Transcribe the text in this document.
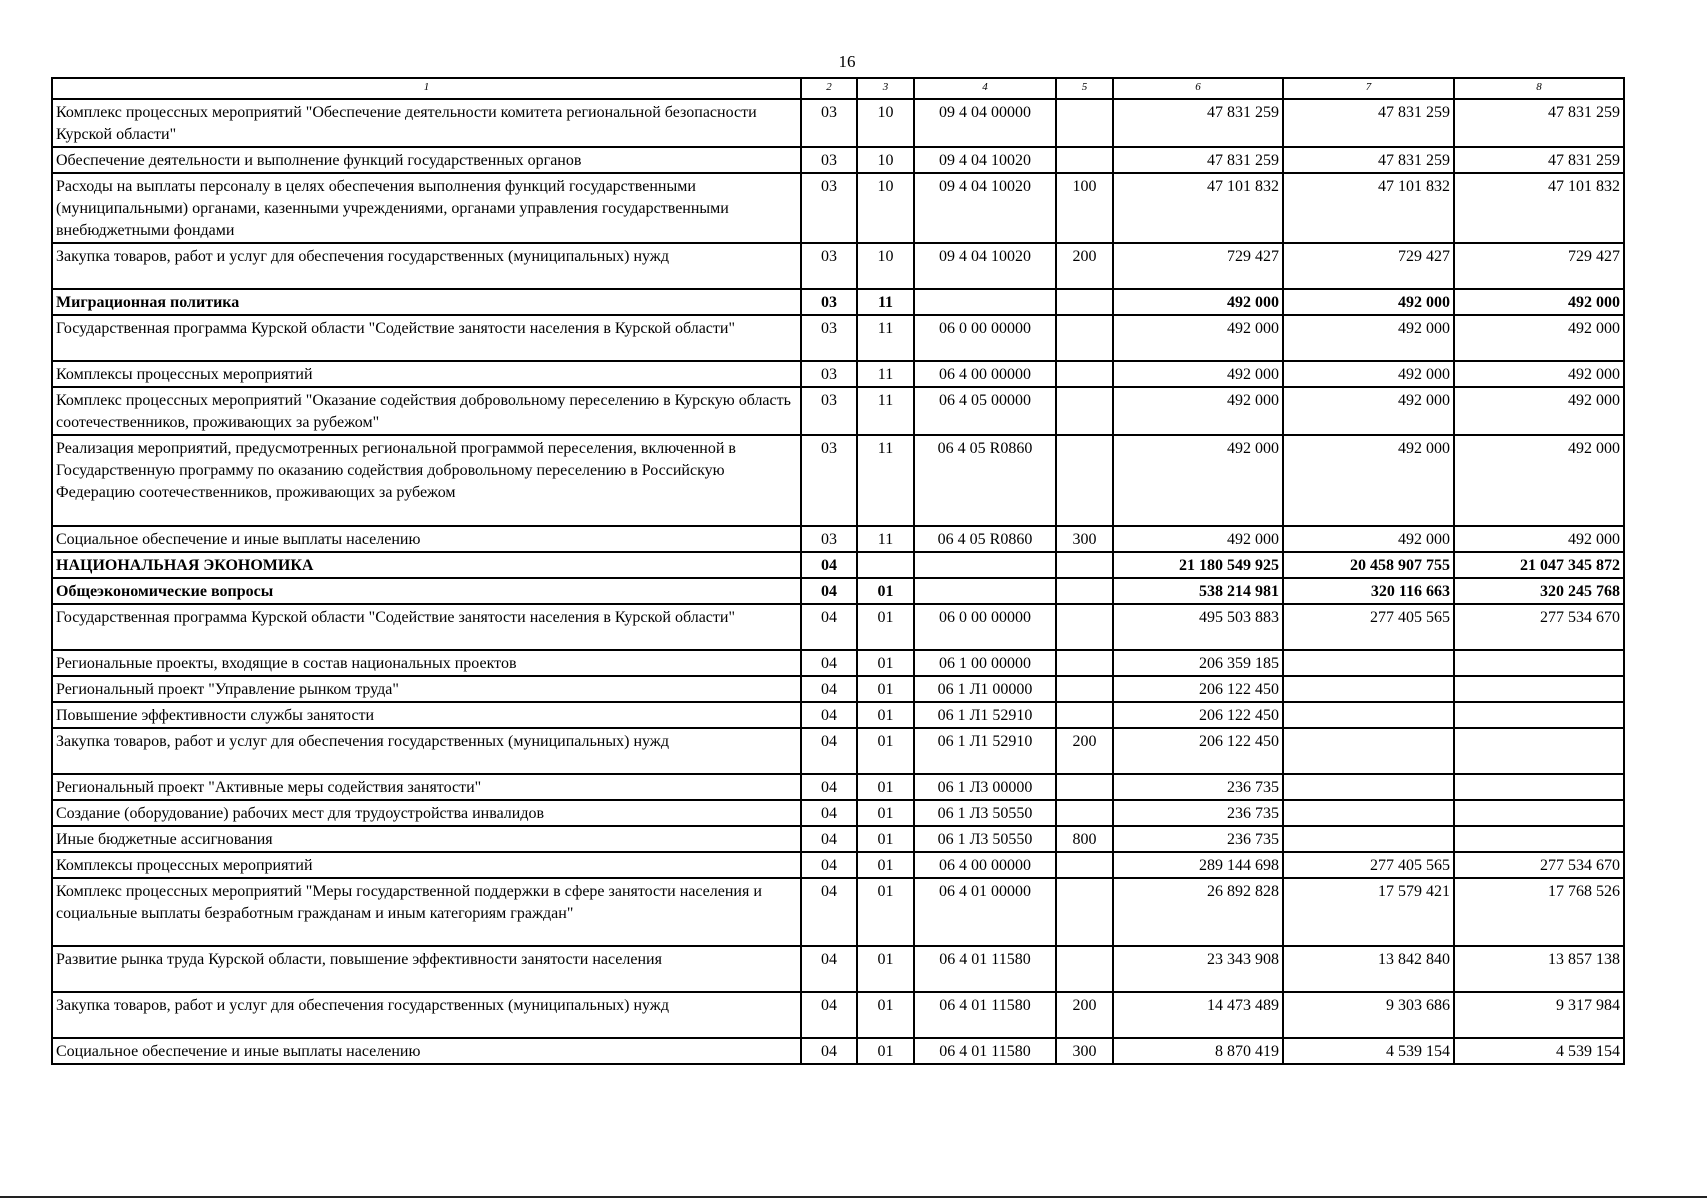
16
1	2	3	4	5	6	7	8
Комплекс процессных мероприятий "Обеспечение деятельности комитета региональной безопасности Курской области"	03	10	09 4 04 00000		47 831 259	47 831 259	47 831 259
Обеспечение деятельности и выполнение функций государственных органов	03	10	09 4 04 10020		47 831 259	47 831 259	47 831 259
Расходы на выплаты персоналу в целях обеспечения выполнения функций государственными (муниципальными) органами, казенными учреждениями, органами управления государственными внебюджетными фондами	03	10	09 4 04 10020	100	47 101 832	47 101 832	47 101 832
Закупка товаров, работ и услуг для обеспечения государственных (муниципальных) нужд	03	10	09 4 04 10020	200	729 427	729 427	729 427
Миграционная политика	03	11			492 000	492 000	492 000
Государственная программа Курской области "Содействие занятости населения в Курской области"	03	11	06 0 00 00000		492 000	492 000	492 000
Комплексы процессных мероприятий	03	11	06 4 00 00000		492 000	492 000	492 000
Комплекс процессных мероприятий "Оказание содействия добровольному переселению в Курскую область соотечественников, проживающих за рубежом"	03	11	06 4 05 00000		492 000	492 000	492 000
Реализация мероприятий, предусмотренных региональной программой переселения, включенной в Государственную программу по оказанию содействия добровольному переселению в Российскую Федерацию соотечественников, проживающих за рубежом	03	11	06 4 05 R0860		492 000	492 000	492 000
Социальное обеспечение и иные выплаты населению	03	11	06 4 05 R0860	300	492 000	492 000	492 000
НАЦИОНАЛЬНАЯ ЭКОНОМИКА	04				21 180 549 925	20 458 907 755	21 047 345 872
Общеэкономические вопросы	04	01			538 214 981	320 116 663	320 245 768
Государственная программа Курской области "Содействие занятости населения в Курской области"	04	01	06 0 00 00000		495 503 883	277 405 565	277 534 670
Региональные проекты, входящие в состав национальных проектов	04	01	06 1 00 00000		206 359 185		
Региональный проект "Управление рынком труда"	04	01	06 1 Л1 00000		206 122 450		
Повышение эффективности службы занятости	04	01	06 1 Л1 52910		206 122 450		
Закупка товаров, работ и услуг для обеспечения государственных (муниципальных) нужд	04	01	06 1 Л1 52910	200	206 122 450		
Региональный проект "Активные меры содействия занятости"	04	01	06 1 Л3 00000		236 735		
Создание (оборудование) рабочих мест для трудоустройства инвалидов	04	01	06 1 Л3 50550		236 735		
Иные бюджетные ассигнования	04	01	06 1 Л3 50550	800	236 735		
Комплексы процессных мероприятий	04	01	06 4 00 00000		289 144 698	277 405 565	277 534 670
Комплекс процессных мероприятий "Меры государственной поддержки в сфере занятости населения и социальные выплаты безработным гражданам и иным категориям граждан"	04	01	06 4 01 00000		26 892 828	17 579 421	17 768 526
Развитие рынка труда Курской области, повышение эффективности занятости населения	04	01	06 4 01 11580		23 343 908	13 842 840	13 857 138
Закупка товаров, работ и услуг для обеспечения государственных (муниципальных) нужд	04	01	06 4 01 11580	200	14 473 489	9 303 686	9 317 984
Социальное обеспечение и иные выплаты населению	04	01	06 4 01 11580	300	8 870 419	4 539 154	4 539 154
